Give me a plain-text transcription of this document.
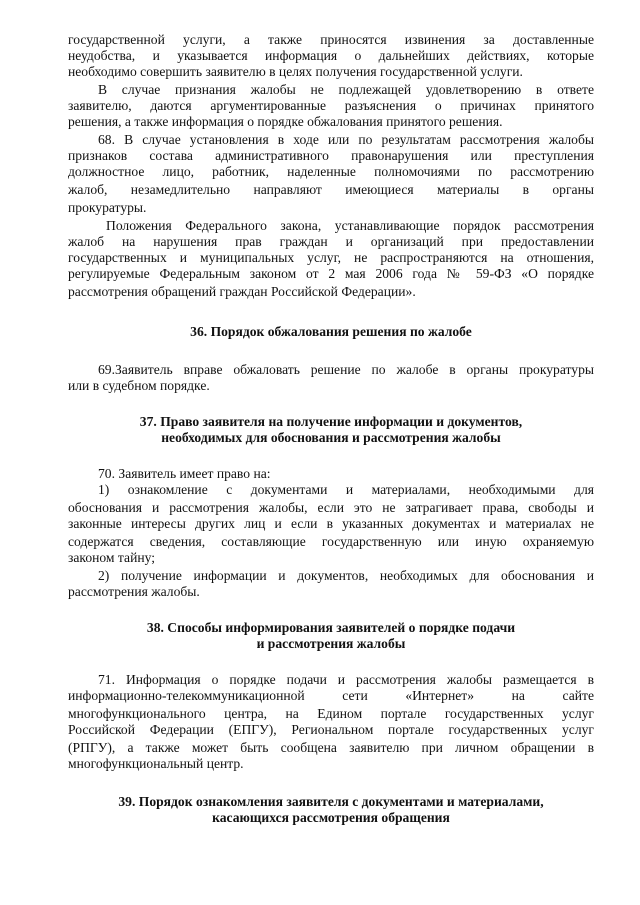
государственной услуги, а также приносятся извинения за доставленные
неудобства, и указывается информация о дальнейших действиях, которые
необходимо совершить заявителю в целях получения государственной услуги.
В случае признания жалобы не подлежащей удовлетворению в ответе
заявителю, даются аргументированные разъяснения о причинах принятого
решения, а также информация о порядке обжалования принятого решения.
68. В случае установления в ходе или по результатам рассмотрения жалобы
признаков состава административного правонарушения или преступления
должностное лицо, работник, наделенные полномочиями по рассмотрению
жалоб, незамедлительно направляют имеющиеся материалы в органы
прокуратуры.
Положения Федерального закона, устанавливающие порядок рассмотрения
жалоб на нарушения прав граждан и организаций при предоставлении
государственных и муниципальных услуг, не распространяются на отношения,
регулируемые Федеральным законом от 2 мая 2006 года № 59-ФЗ «О порядке
рассмотрения обращений граждан Российской Федерации».
36. Порядок обжалования решения по жалобе
69.Заявитель вправе обжаловать решение по жалобе в органы прокуратуры
или в судебном порядке.
37. Право заявителя на получение информации и документов,
необходимых для обоснования и рассмотрения жалобы
70. Заявитель имеет право на:
1) ознакомление с документами и материалами, необходимыми для
обоснования и рассмотрения жалобы, если это не затрагивает права, свободы и
законные интересы других лиц и если в указанных документах и материалах не
содержатся сведения, составляющие государственную или иную охраняемую
законом тайну;
2) получение информации и документов, необходимых для обоснования и
рассмотрения жалобы.
38. Способы информирования заявителей о порядке подачи
и рассмотрения жалобы
71. Информация о порядке подачи и рассмотрения жалобы размещается в
информационно-телекоммуникационной сети «Интернет» на сайте
многофункционального центра, на Едином портале государственных услуг
Российской Федерации (ЕПГУ), Региональном портале государственных услуг
(РПГУ), а также может быть сообщена заявителю при личном обращении в
многофункциональный центр.
39. Порядок ознакомления заявителя с документами и материалами,
касающихся рассмотрения обращения
